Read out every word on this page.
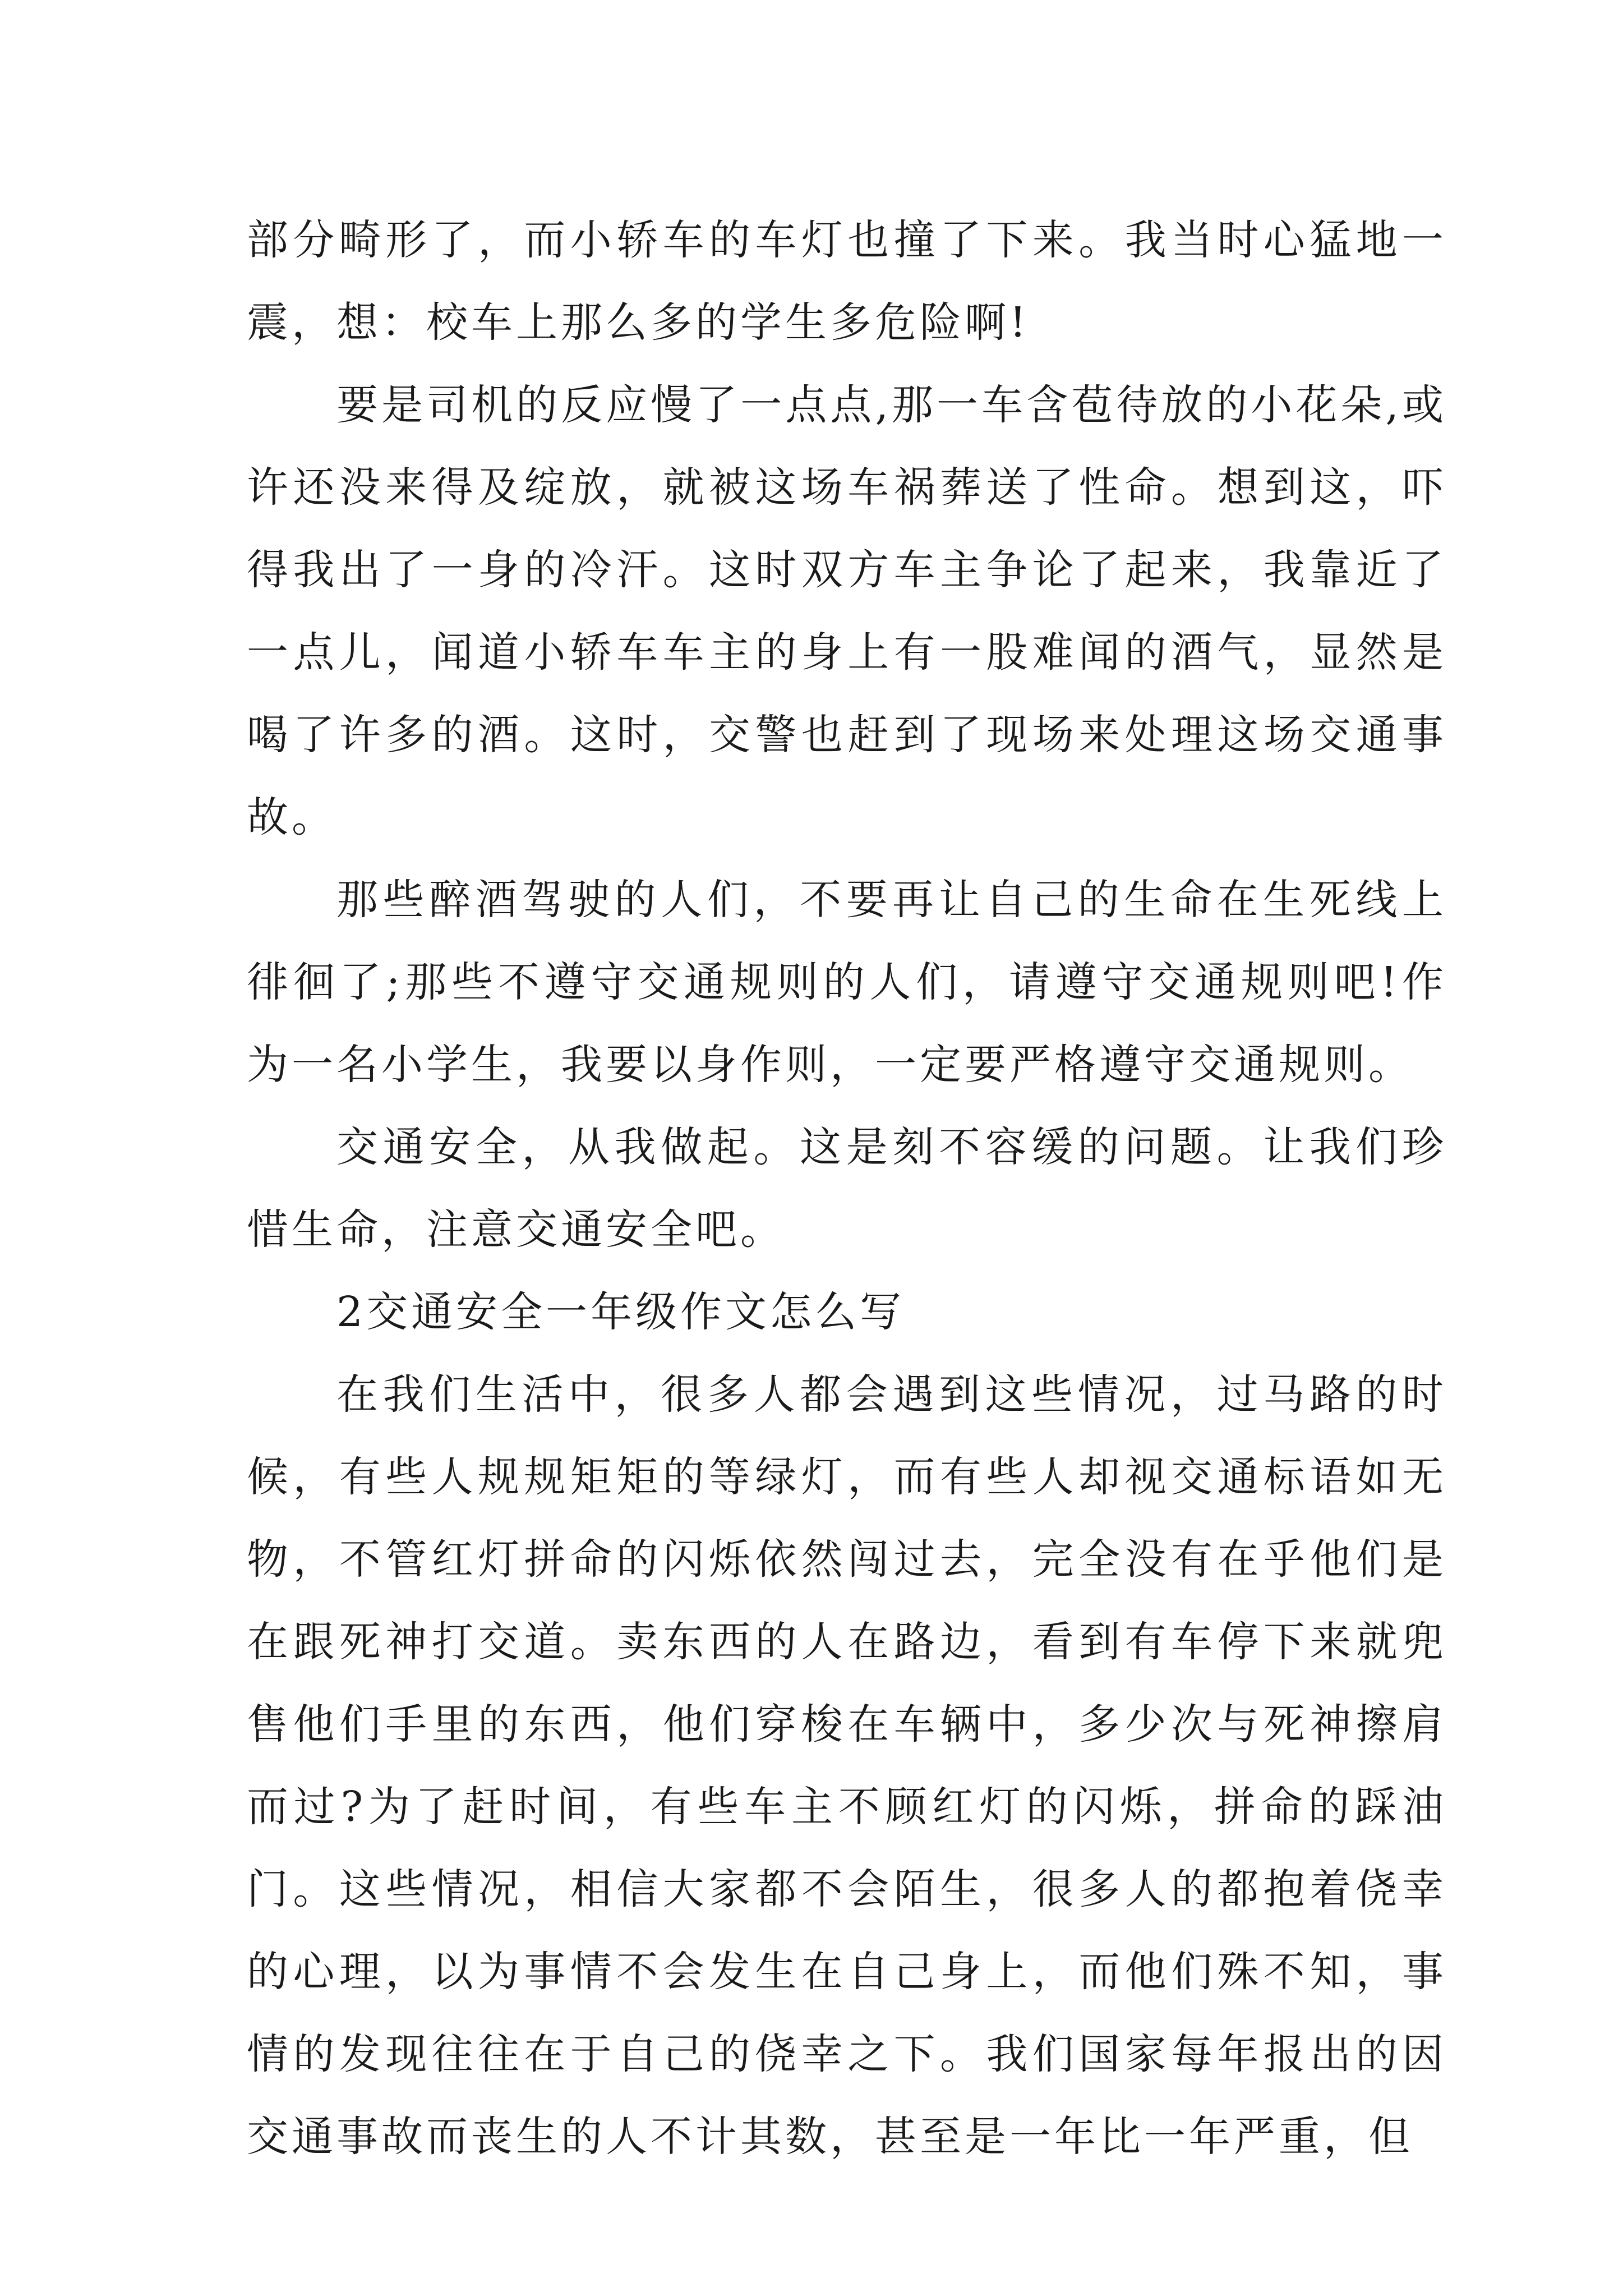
部分畸形了，而小轿车的车灯也撞了下来。我当时心猛地一震，想：校车上那么多的学生多危险啊!

要是司机的反应慢了一点点,那一车含苞待放的小花朵,或许还没来得及绽放，就被这场车祸葬送了性命。想到这，吓得我出了一身的冷汗。这时双方车主争论了起来，我靠近了一点儿，闻道小轿车车主的身上有一股难闻的酒气，显然是喝了许多的酒。这时，交警也赶到了现场来处理这场交通事故。

那些醉酒驾驶的人们，不要再让自己的生命在生死线上徘徊了;那些不遵守交通规则的人们，请遵守交通规则吧!作为一名小学生，我要以身作则，一定要严格遵守交通规则。

交通安全，从我做起。这是刻不容缓的问题。让我们珍惜生命，注意交通安全吧。

2交通安全一年级作文怎么写

在我们生活中，很多人都会遇到这些情况，过马路的时候，有些人规规矩矩的等绿灯，而有些人却视交通标语如无物，不管红灯拼命的闪烁依然闯过去，完全没有在乎他们是在跟死神打交道。卖东西的人在路边，看到有车停下来就兜售他们手里的东西，他们穿梭在车辆中，多少次与死神擦肩而过?为了赶时间，有些车主不顾红灯的闪烁，拼命的踩油门。这些情况，相信大家都不会陌生，很多人的都抱着侥幸的心理，以为事情不会发生在自己身上，而他们殊不知，事情的发现往往在于自己的侥幸之下。我们国家每年报出的因交通事故而丧生的人不计其数，甚至是一年比一年严重，但
